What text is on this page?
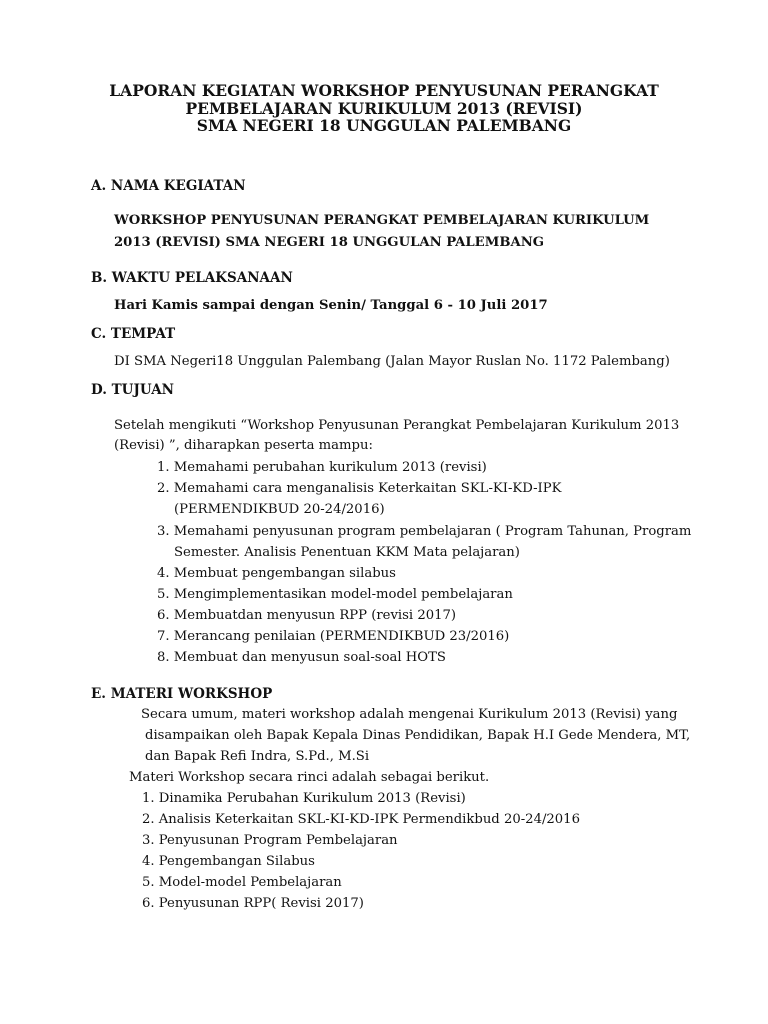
LAPORAN KEGIATAN WORKSHOP PENYUSUNAN PERANGKAT
PEMBELAJARAN KURIKULUM 2013 (REVISI)
SMA NEGERI 18 UNGGULAN PALEMBANG
A. NAMA KEGIATAN
WORKSHOP PENYUSUNAN PERANGKAT PEMBELAJARAN KURIKULUM
2013 (REVISI) SMA NEGERI 18 UNGGULAN PALEMBANG
B. WAKTU PELAKSANAAN
Hari Kamis sampai dengan Senin/ Tanggal 6 - 10 Juli 2017
C. TEMPAT
DI SMA Negeri18 Unggulan Palembang (Jalan Mayor Ruslan No. 1172 Palembang)
D. TUJUAN
Setelah mengikuti “Workshop Penyusunan Perangkat Pembelajaran Kurikulum 2013
(Revisi) ”, diharapkan peserta mampu:
1. Memahami perubahan kurikulum 2013 (revisi)
2. Memahami cara menganalisis Keterkaitan SKL-KI-KD-IPK
(PERMENDIKBUD 20-24/2016)
3. Memahami penyusunan program pembelajaran ( Program Tahunan, Program
Semester. Analisis Penentuan KKM Mata pelajaran)
4. Membuat pengembangan silabus
5. Mengimplementasikan model-model pembelajaran
6. Membuatdan menyusun RPP (revisi 2017)
7. Merancang penilaian (PERMENDIKBUD 23/2016)
8. Membuat dan menyusun soal-soal HOTS
E. MATERI WORKSHOP
Secara umum, materi workshop adalah mengenai Kurikulum 2013 (Revisi) yang
disampaikan oleh Bapak Kepala Dinas Pendidikan, Bapak H.I Gede Mendera, MT,
dan Bapak Refi Indra, S.Pd., M.Si
Materi Workshop secara rinci adalah sebagai berikut.
1. Dinamika Perubahan Kurikulum 2013 (Revisi)
2. Analisis Keterkaitan SKL-KI-KD-IPK Permendikbud 20-24/2016
3. Penyusunan Program Pembelajaran
4. Pengembangan Silabus
5. Model-model Pembelajaran
6. Penyusunan RPP( Revisi 2017)
